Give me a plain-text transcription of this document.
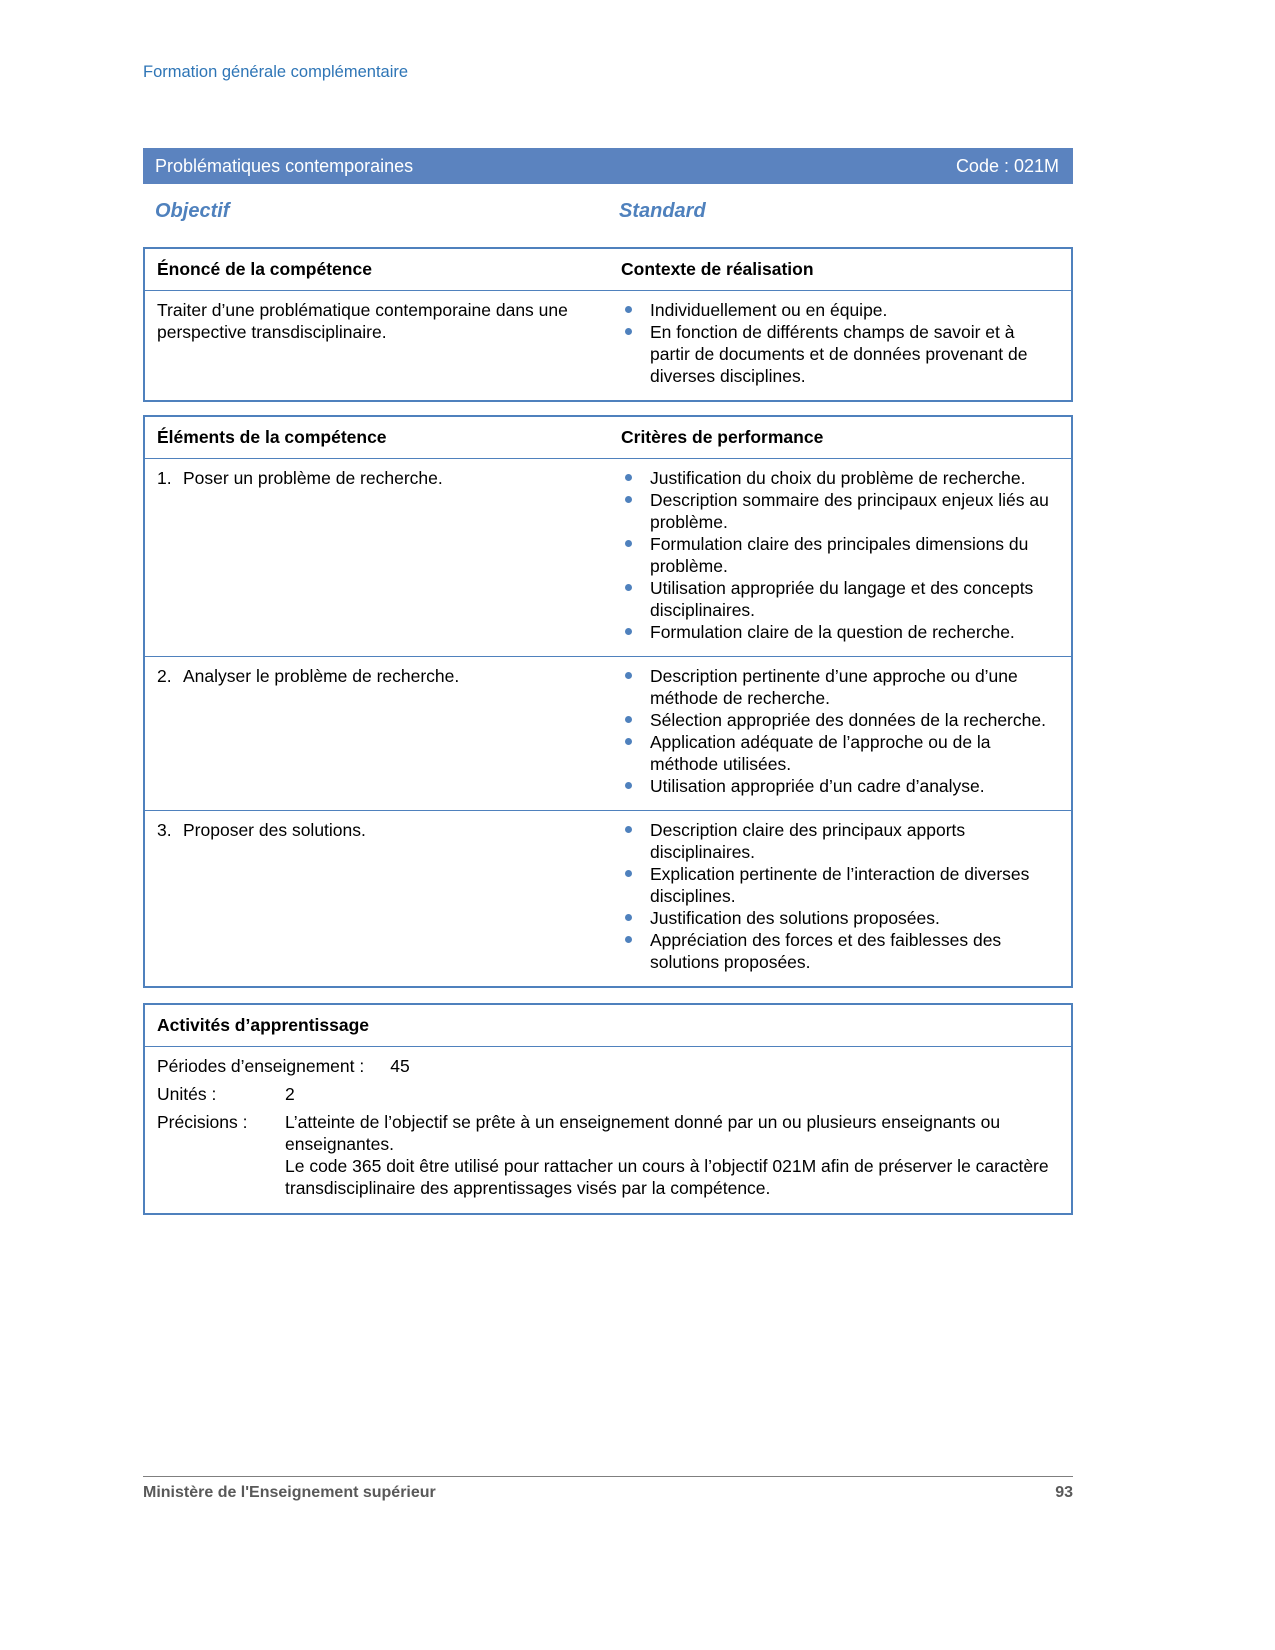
Formation générale complémentaire
Problématiques contemporaines	Code : 021M
Objectif	Standard
Énoncé de la compétence	Contexte de réalisation
Traiter d’une problématique contemporaine dans une perspective transdisciplinaire.
Individuellement ou en équipe.
En fonction de différents champs de savoir et à partir de documents et de données provenant de diverses disciplines.
Éléments de la compétence	Critères de performance
1. Poser un problème de recherche.	Justification du choix du problème de recherche.
Description sommaire des principaux enjeux liés au problème.
Formulation claire des principales dimensions du problème.
Utilisation appropriée du langage et des concepts disciplinaires.
Formulation claire de la question de recherche.
2. Analyser le problème de recherche.	Description pertinente d’une approche ou d’une méthode de recherche.
Sélection appropriée des données de la recherche.
Application adéquate de l’approche ou de la méthode utilisées.
Utilisation appropriée d’un cadre d’analyse.
3. Proposer des solutions.	Description claire des principaux apports disciplinaires.
Explication pertinente de l’interaction de diverses disciplines.
Justification des solutions proposées.
Appréciation des forces et des faiblesses des solutions proposées.
Activités d’apprentissage
Périodes d’enseignement : 45
Unités :	2
Précisions :	L’atteinte de l’objectif se prête à un enseignement donné par un ou plusieurs enseignants ou enseignantes.

Le code 365 doit être utilisé pour rattacher un cours à l’objectif 021M afin de préserver le caractère transdisciplinaire des apprentissages visés par la compétence.

Ministère de l'Enseignement supérieur	93
